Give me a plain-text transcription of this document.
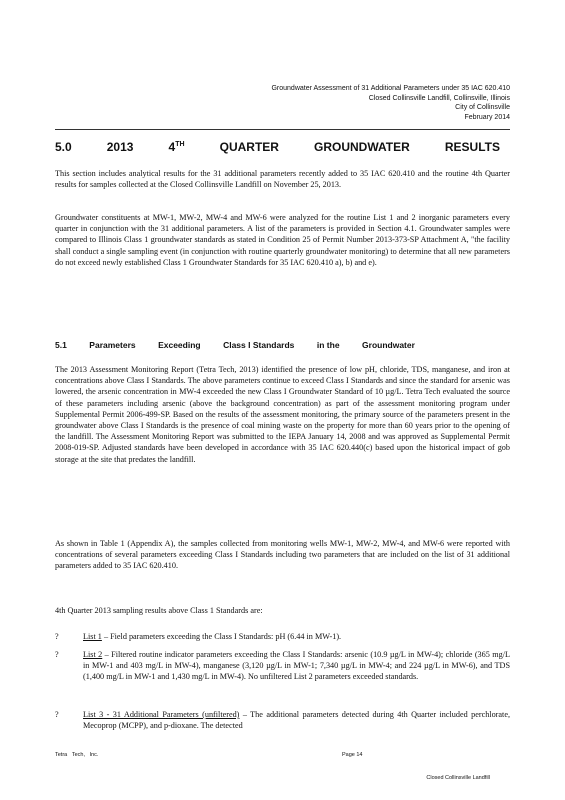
Groundwater Assessment of 31 Additional Parameters under 35 IAC 620.410
Closed Collinsville Landfill, Collinsville, Illinois
City of Collinsville
February 2014
5.0	2013	4TH	QUARTER	GROUNDWATER	RESULTS
This section includes analytical results for the 31 additional parameters recently added to 35 IAC 620.410 and the routine 4th Quarter results for samples collected at the Closed Collinsville Landfill on November 25, 2013.
Groundwater constituents at MW-1, MW-2, MW-4 and MW-6 were analyzed for the routine List 1 and 2 inorganic parameters every quarter in conjunction with the 31 additional parameters. A list of the parameters is provided in Section 4.1. Groundwater samples were compared to Illinois Class 1 groundwater standards as stated in Condition 25 of Permit Number 2013-373-SP Attachment A, "the facility shall conduct a single sampling event (in conjunction with routine quarterly groundwater monitoring) to determine that all new parameters do not exceed newly established Class 1 Groundwater Standards for 35 IAC 620.410 a), b) and e).
5.1	Parameters	Exceeding	Class I Standards	in the	Groundwater
The 2013 Assessment Monitoring Report (Tetra Tech, 2013) identified the presence of low pH, chloride, TDS, manganese, and iron at concentrations above Class I Standards. The above parameters continue to exceed Class I Standards and since the standard for arsenic was lowered, the arsenic concentration in MW-4 exceeded the new Class I Groundwater Standard of 10 µg/L. Tetra Tech evaluated the source of these parameters including arsenic (above the background concentration) as part of the assessment monitoring program under Supplemental Permit 2006-499-SP. Based on the results of the assessment monitoring, the primary source of the parameters present in the groundwater above Class I Standards is the presence of coal mining waste on the property for more than 60 years prior to the opening of the landfill. The Assessment Monitoring Report was submitted to the IEPA January 14, 2008 and was approved as Supplemental Permit 2008-019-SP. Adjusted standards have been developed in accordance with 35 IAC 620.440(c) based upon the historical impact of gob storage at the site that predates the landfill.
As shown in Table 1 (Appendix A), the samples collected from monitoring wells MW-1, MW-2, MW-4, and MW-6 were reported with concentrations of several parameters exceeding Class I Standards including two parameters that are included on the list of 31 additional parameters added to 35 IAC 620.410.
4th Quarter 2013 sampling results above Class 1 Standards are:
?	List 1 – Field parameters exceeding the Class I Standards: pH (6.44 in MW-1).
?	List 2 – Filtered routine indicator parameters exceeding the Class I Standards: arsenic (10.9 µg/L in MW-4); chloride (365 mg/L in MW-1 and 403 mg/L in MW-4), manganese (3,120 µg/L in MW-1; 7,340 µg/L in MW-4; and 224 µg/L in MW-6), and TDS (1,400 mg/L in MW-1 and 1,430 mg/L in MW-4). No unfiltered List 2 parameters exceeded standards.
?	List 3 - 31 Additional Parameters (unfiltered) – The additional parameters detected during 4th Quarter included perchlorate, Mecoprop (MCPP), and p-dioxane. The detected
Tetra Tech, Inc.	Page 14
Closed Collinsville Landfill
